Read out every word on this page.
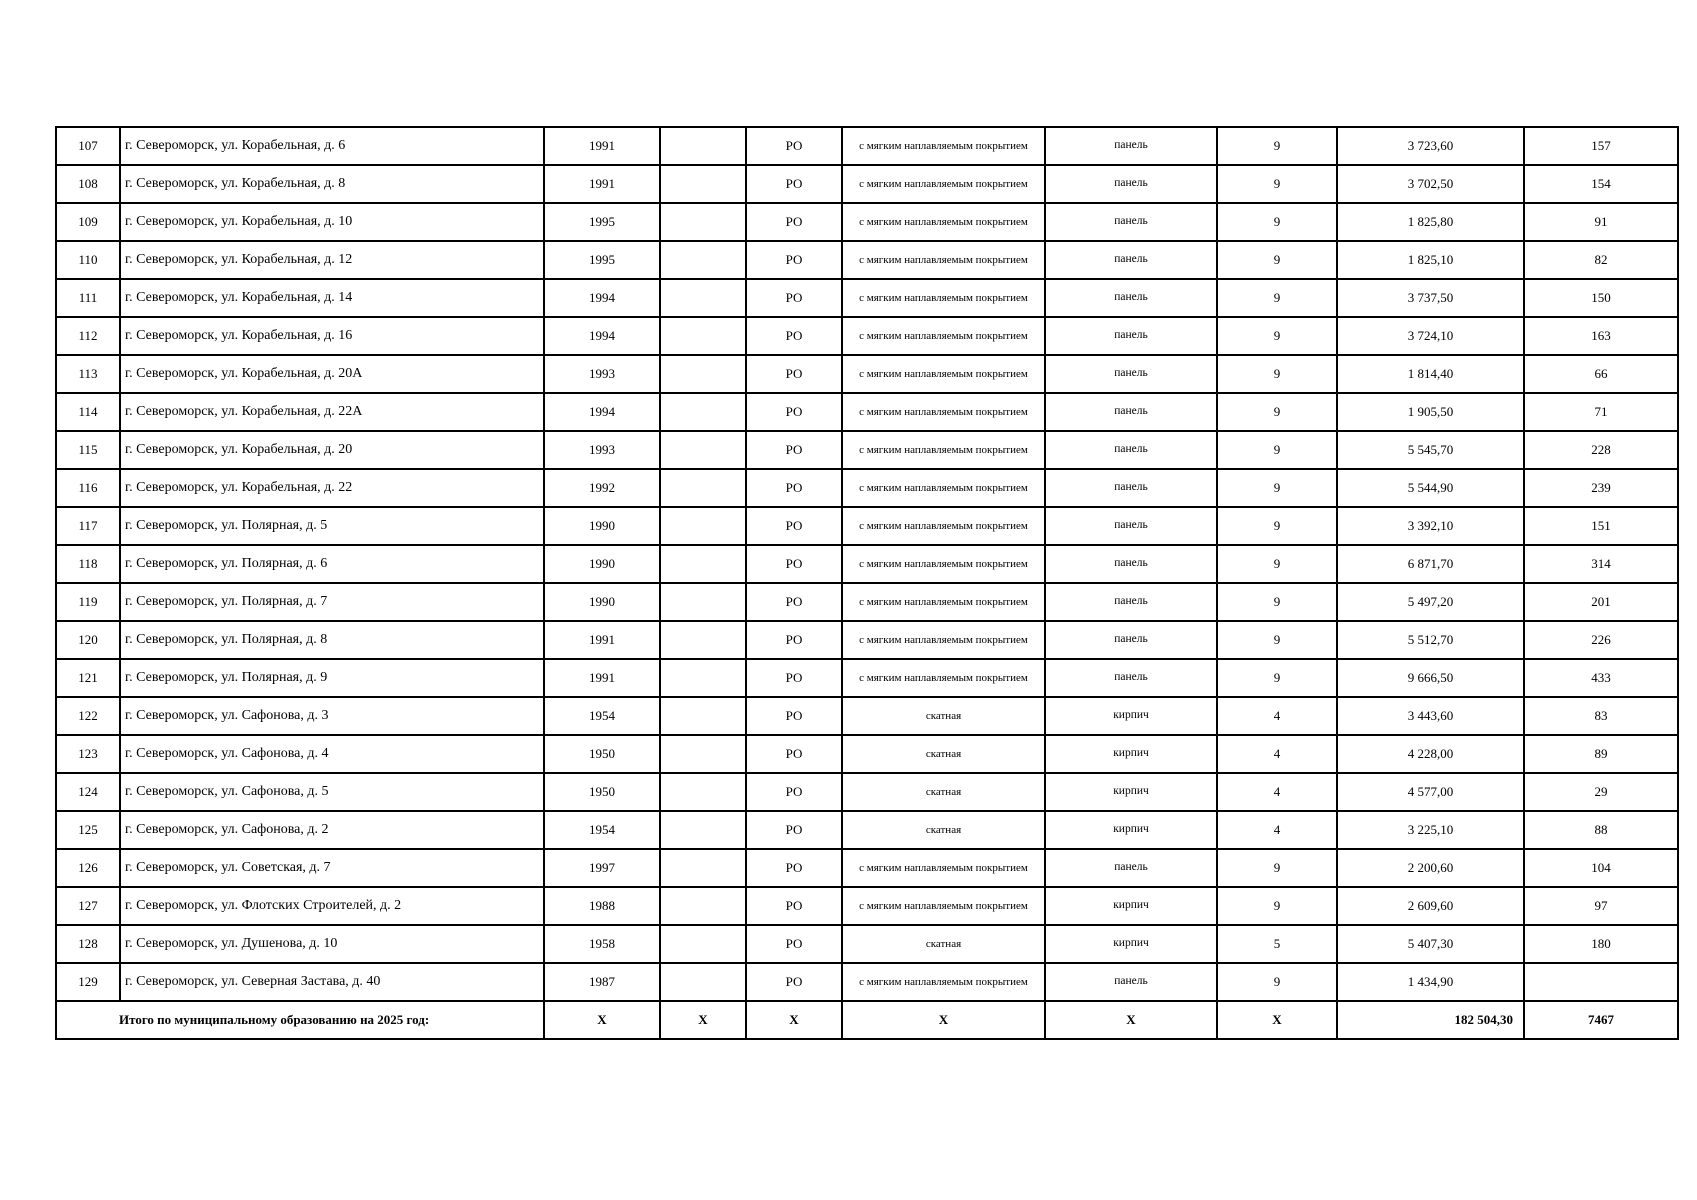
107	г. Североморск, ул. Корабельная, д. 6	1991		РО	с мягким наплавляемым покрытием	панель	9	3 723,60	157
108	г. Североморск, ул. Корабельная, д. 8	1991		РО	с мягким наплавляемым покрытием	панель	9	3 702,50	154
109	г. Североморск, ул. Корабельная, д. 10	1995		РО	с мягким наплавляемым покрытием	панель	9	1 825,80	91
110	г. Североморск, ул. Корабельная, д. 12	1995		РО	с мягким наплавляемым покрытием	панель	9	1 825,10	82
111	г. Североморск, ул. Корабельная, д. 14	1994		РО	с мягким наплавляемым покрытием	панель	9	3 737,50	150
112	г. Североморск, ул. Корабельная, д. 16	1994		РО	с мягким наплавляемым покрытием	панель	9	3 724,10	163
113	г. Североморск, ул. Корабельная, д. 20А	1993		РО	с мягким наплавляемым покрытием	панель	9	1 814,40	66
114	г. Североморск, ул. Корабельная, д. 22А	1994		РО	с мягким наплавляемым покрытием	панель	9	1 905,50	71
115	г. Североморск, ул. Корабельная, д. 20	1993		РО	с мягким наплавляемым покрытием	панель	9	5 545,70	228
116	г. Североморск, ул. Корабельная, д. 22	1992		РО	с мягким наплавляемым покрытием	панель	9	5 544,90	239
117	г. Североморск, ул. Полярная, д. 5	1990		РО	с мягким наплавляемым покрытием	панель	9	3 392,10	151
118	г. Североморск, ул. Полярная, д. 6	1990		РО	с мягким наплавляемым покрытием	панель	9	6 871,70	314
119	г. Североморск, ул. Полярная, д. 7	1990		РО	с мягким наплавляемым покрытием	панель	9	5 497,20	201
120	г. Североморск, ул. Полярная, д. 8	1991		РО	с мягким наплавляемым покрытием	панель	9	5 512,70	226
121	г. Североморск, ул. Полярная, д. 9	1991		РО	с мягким наплавляемым покрытием	панель	9	9 666,50	433
122	г. Североморск, ул. Сафонова, д. 3	1954		РО	скатная	кирпич	4	3 443,60	83
123	г. Североморск, ул. Сафонова, д. 4	1950		РО	скатная	кирпич	4	4 228,00	89
124	г. Североморск, ул. Сафонова, д. 5	1950		РО	скатная	кирпич	4	4 577,00	29
125	г. Североморск, ул. Сафонова, д. 2	1954		РО	скатная	кирпич	4	3 225,10	88
126	г. Североморск, ул. Советская, д. 7	1997		РО	с мягким наплавляемым покрытием	панель	9	2 200,60	104
127	г. Североморск, ул. Флотских Строителей, д. 2	1988		РО	с мягким наплавляемым покрытием	кирпич	9	2 609,60	97
128	г. Североморск, ул. Душенова, д. 10	1958		РО	скатная	кирпич	5	5 407,30	180
129	г. Североморск, ул. Северная Застава, д. 40	1987		РО	с мягким наплавляемым покрытием	панель	9	1 434,90	
Итого по муниципальному образованию на 2025 год:		Х	Х	Х	Х	Х	Х	182 504,30	7467
